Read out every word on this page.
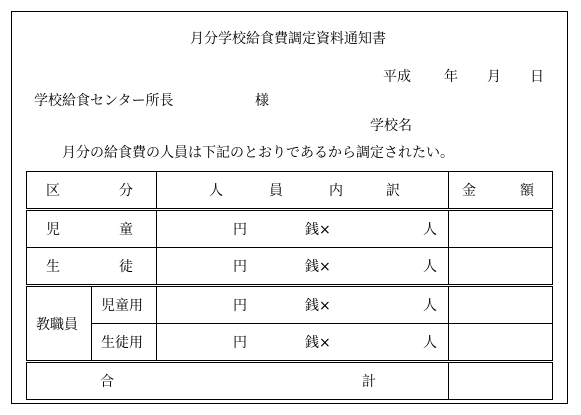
月分学校給食費調定資料通知書
平成 年 月 日
学校給食センター所長	様
学校名
月分の給食費の人員は下記のとおりであるから調定されたい。
区 分		人 員 内 訳	金 額

児 童		円 銭× 人	

生 徒		円 銭× 人	

教職員	児童用	円 銭× 人	

	生徒用	円 銭× 人	

合 計			
